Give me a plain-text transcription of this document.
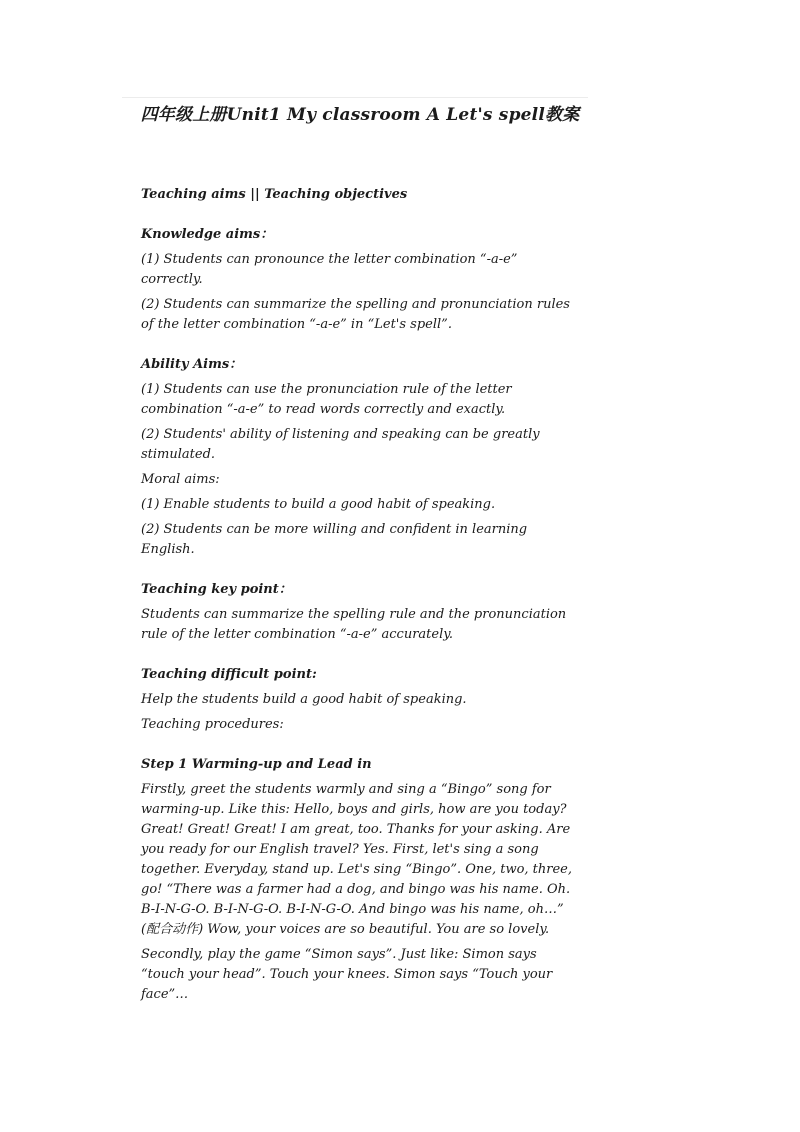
四年级上册Unit1 My classroom A Let's spell教案

Teaching aims || Teaching objectives

Knowledge aims：

(1) Students can pronounce the letter combination “-a-e” correctly.

(2) Students can summarize the spelling and pronunciation rules of the letter combination “-a-e” in “Let's spell”.

Ability Aims：

(1) Students can use the pronunciation rule of the letter combination “-a-e” to read words correctly and exactly.

(2) Students' ability of listening and speaking can be greatly stimulated.

Moral aims:

(1) Enable students to build a good habit of speaking.

(2) Students can be more willing and confident in learning English.

Teaching key point：

Students can summarize the spelling rule and the pronunciation rule of the letter combination “-a-e” accurately.

Teaching difficult point:

Help the students build a good habit of speaking.

Teaching procedures:

Step 1 Warming-up and Lead in

Firstly, greet the students warmly and sing a “Bingo” song for warming-up. Like this: Hello, boys and girls, how are you today? Great! Great! Great! I am great, too. Thanks for your asking. Are you ready for our English travel? Yes. First, let's sing a song together. Everyday, stand up. Let's sing “Bingo”. One, two, three, go! “There was a farmer had a dog, and bingo was his name. Oh. B-I-N-G-O. B-I-N-G-O. B-I-N-G-O. And bingo was his name, oh…” (配合动作) Wow, your voices are so beautiful. You are so lovely.

Secondly, play the game “Simon says”. Just like: Simon says “touch your head”. Touch your knees. Simon says “Touch your face”…
